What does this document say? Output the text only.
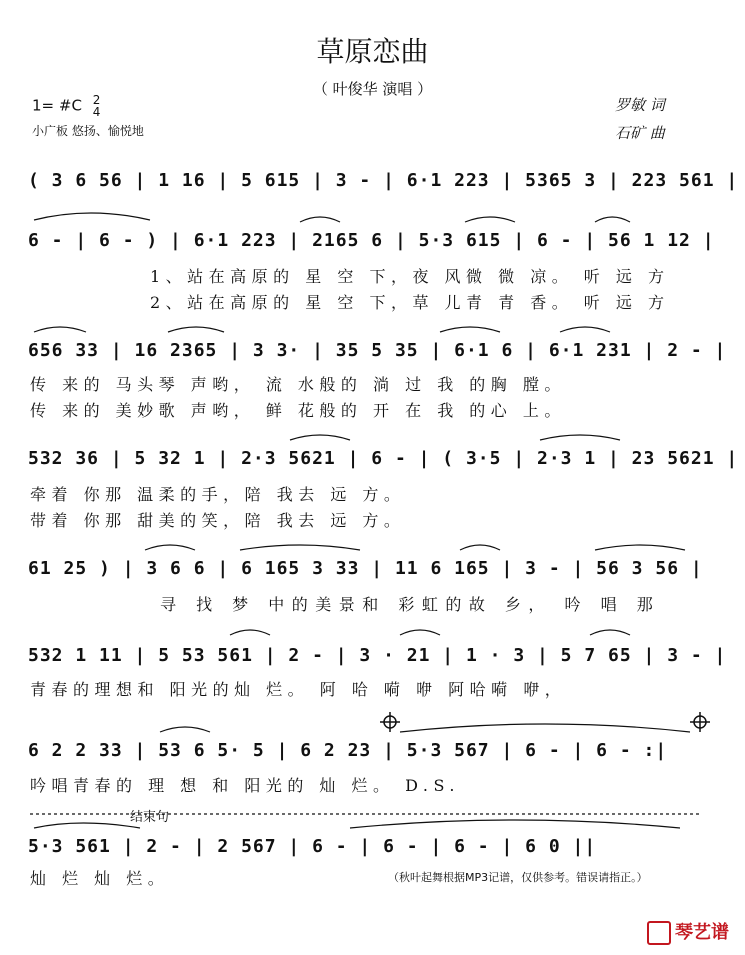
草原恋曲
（ 叶俊华 演唱 ）
1= #C 2
4
小广板 悠扬、愉悦地
罗敏 词
石矿 曲
( 3 6 56 | 1 16 | 5 615 | 3 - | 6·1 223 | 5365 3 | 223 561 |
6 - | 6 - ) | 6·1 223 | 2165 6 | 5·3 615 | 6 - | 56 1 12 |
1、站在高原的 星 空 下，夜 风微 微 凉。 听 远 方
2、站在高原的 星 空 下，草 儿青 青 香。 听 远 方
656 33 | 16 2365 | 3 3· | 35 5 35 | 6·1 6 | 6·1 231 | 2 - |
传 来的 马头琴 声哟， 流 水般的 淌 过 我 的胸 膛。
传 来的 美妙歌 声哟， 鲜 花般的 开 在 我 的心 上。
532 36 | 5 32 1 | 2·3 5621 | 6 - | ( 3·5 | 2·3 1 | 23 5621 |
牵着 你那 温柔的手，陪 我去 远 方。
带着 你那 甜美的笑，陪 我去 远 方。
61 25 ) | 3 6 6 | 6 165 3 33 | 11 6 165 | 3 - | 56 3 56 |
寻 找 梦 中的美景和 彩虹的故 乡， 吟 唱 那
532 1 11 | 5 53 561 | 2 - | 3 · 21 | 1 · 3 | 5 7 65 | 3 - |
青春的理想和 阳光的灿 烂。 阿 哈 嗬 咿 阿哈嗬 咿，
6 2 2 33 | 53 6 5· 5 | 6 2 23 | 5·3 567 | 6 - | 6 - :|
吟唱青春的 理 想 和 阳光的 灿 烂。 D.S.
结束句
5·3 561 | 2 - | 2 567 | 6 - | 6 - | 6 - | 6 0 ||
灿 烂 灿 烂。	（秋叶起舞根据MP3记谱，仅供参考。错误请指正。）
琴艺谱
